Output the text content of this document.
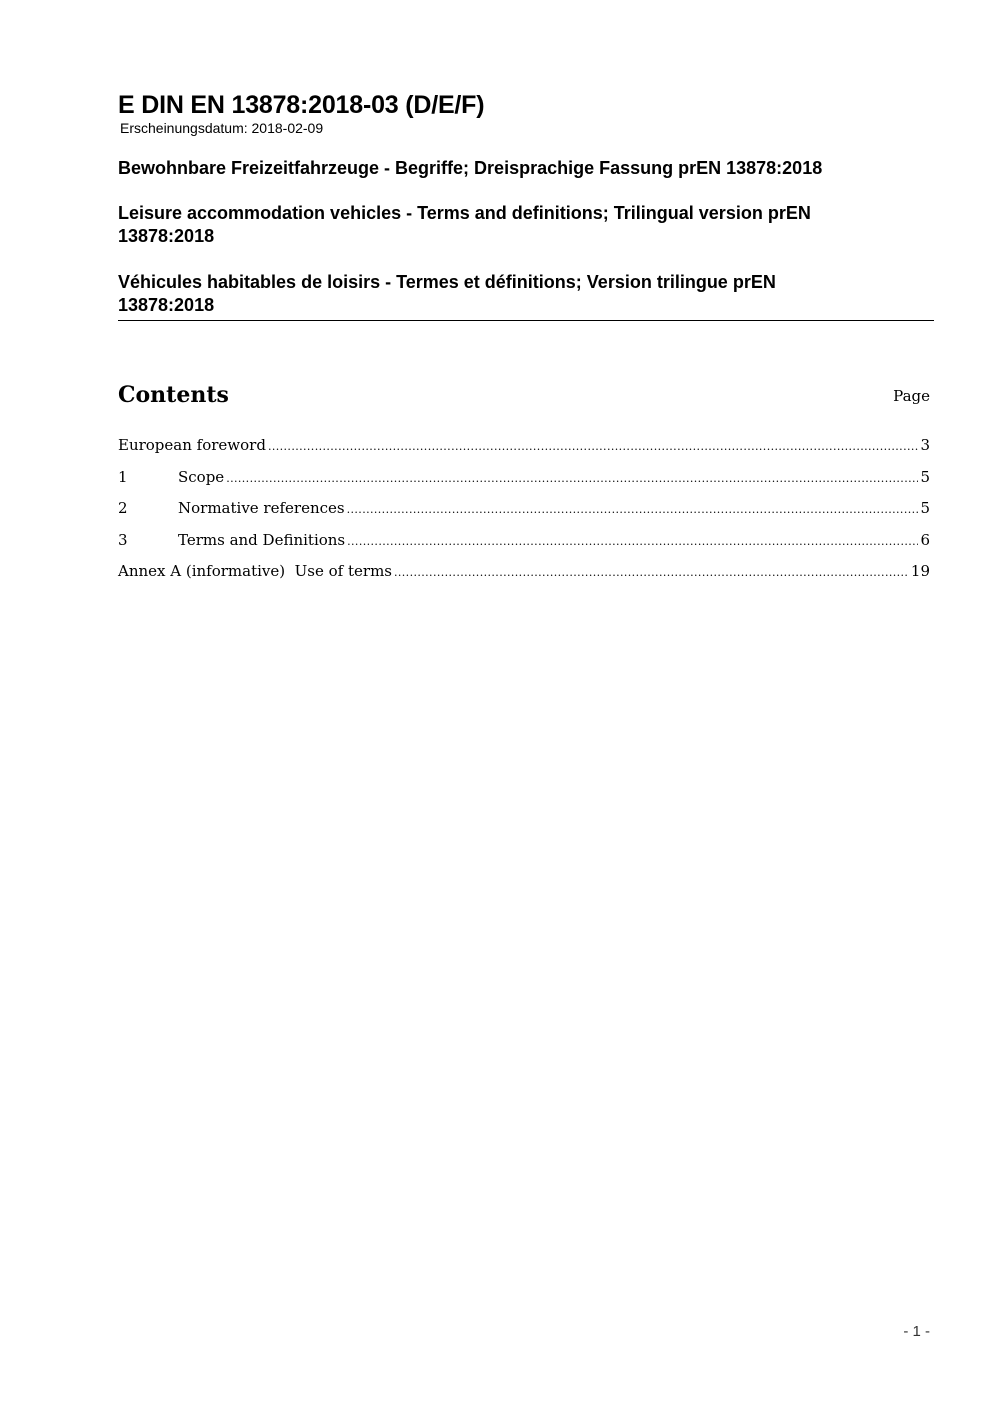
E DIN EN 13878:2018-03 (D/E/F)

Erscheinungsdatum: 2018-02-09

Bewohnbare Freizeitfahrzeuge - Begriffe; Dreisprachige Fassung prEN 13878:2018
Leisure accommodation vehicles - Terms and definitions; Trilingual version prEN
13878:2018
Véhicules habitables de loisirs - Termes et définitions; Version trilingue prEN
13878:2018
Contents	Page
European foreword .....	3
1	Scope .....	5
2	Normative references .....	5
3	Terms and Definitions .....	6
Annex A (informative)  Use of terms .....	19
- 1 -
